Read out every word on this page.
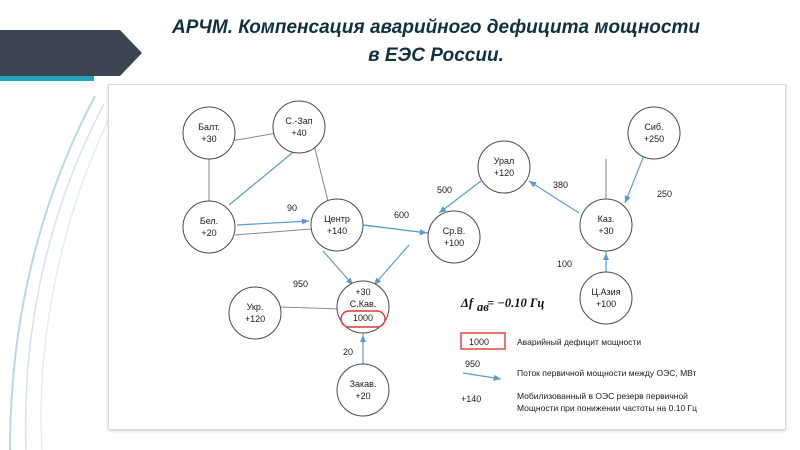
АРЧМ. Компенсация аварийного дефицита мощности
в ЕЭС России.
Балт.
+30
С.-Зап
+40
Сиб.
+250
Урал
+120
Бел.
+20
Центр
+140	Ср.В.
+100
Каз.
+30
Ц.Азия
+100
Укр.
+120
+30
С.Кав.
1000
Закав.
+20
90
600
500	380
250
100
950
20
Δf ав
= −0.10 Гц
1000	Аварийный дефицит мощности
950
Поток первичной мощности между ОЭС, МВт
+140	Мобилизованный в ОЭС резерв первичной
Мощности при понижении частоты на 0.10 Гц
